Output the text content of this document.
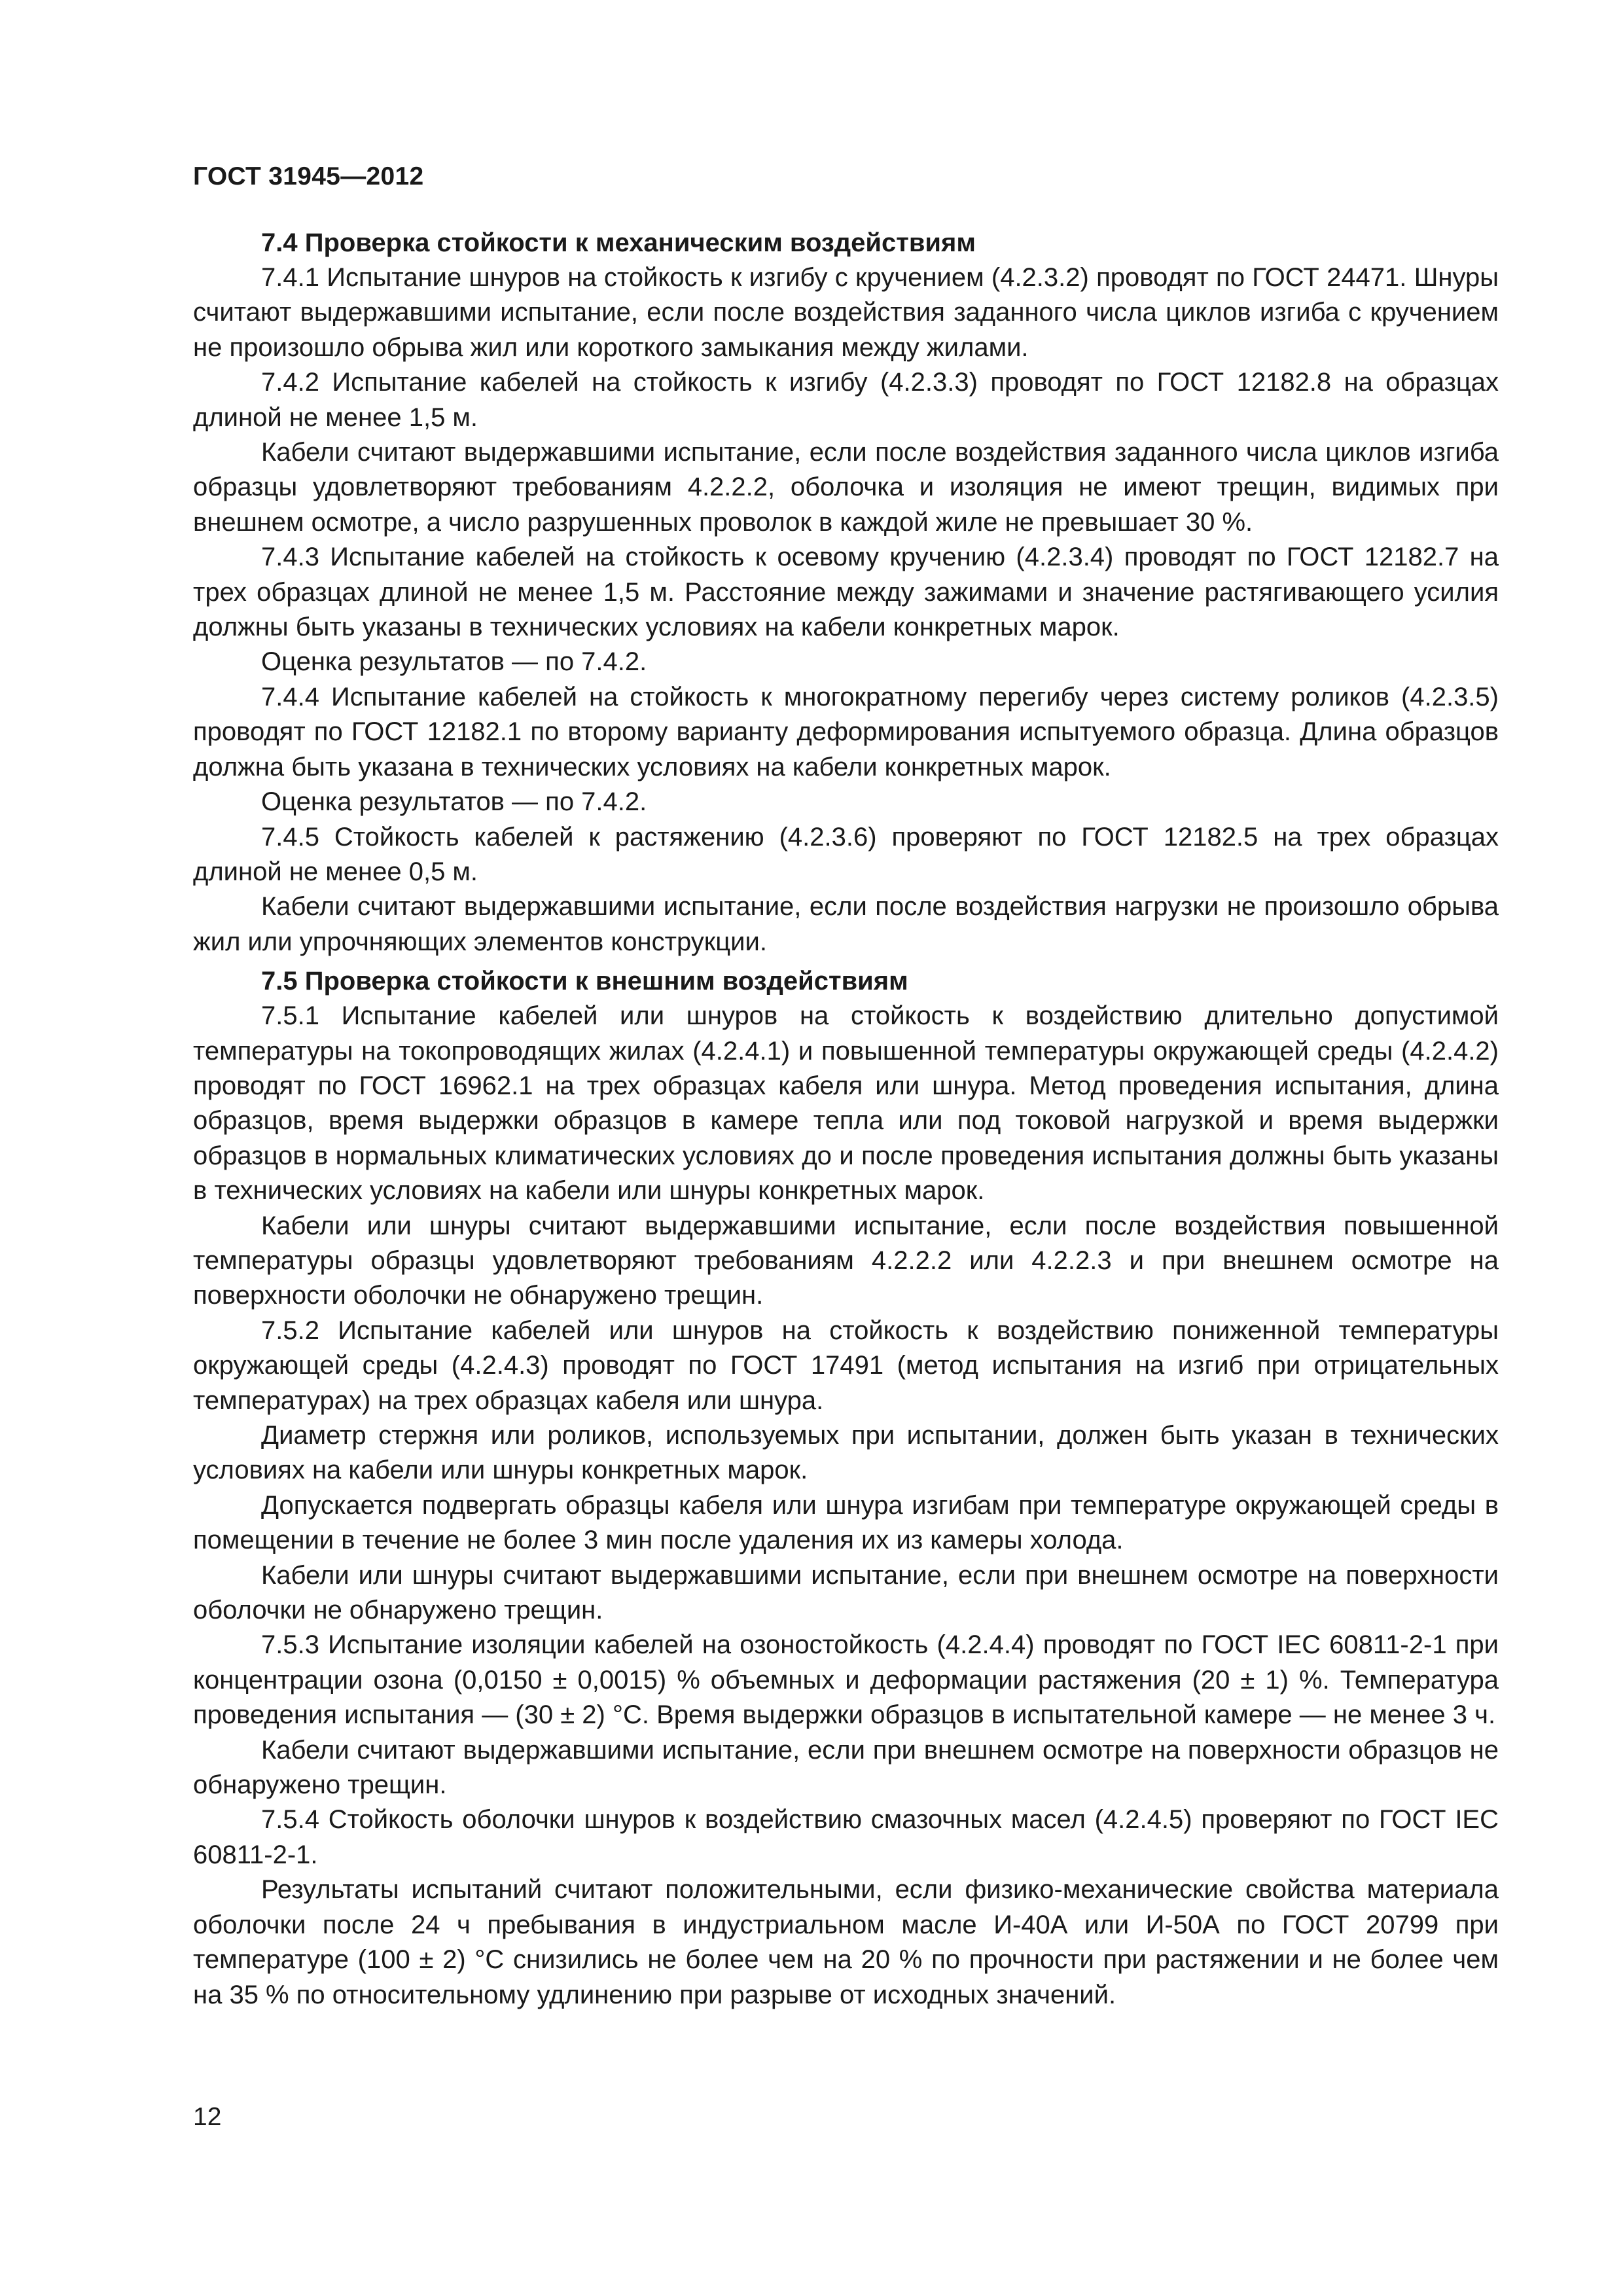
ГОСТ 31945—2012
7.4 Проверка стойкости к механическим воздействиям

7.4.1 Испытание шнуров на стойкость к изгибу с кручением (4.2.3.2) проводят по ГОСТ 24471. Шнуры считают выдержавшими испытание, если после воздействия заданного числа циклов изгиба с кручением не произошло обрыва жил или короткого замыкания между жилами.

7.4.2 Испытание кабелей на стойкость к изгибу (4.2.3.3) проводят по ГОСТ 12182.8 на образцах длиной не менее 1,5 м.

Кабели считают выдержавшими испытание, если после воздействия заданного числа циклов изгиба образцы удовлетворяют требованиям 4.2.2.2, оболочка и изоляция не имеют трещин, видимых при внешнем осмотре, а число разрушенных проволок в каждой жиле не превышает 30 %.

7.4.3 Испытание кабелей на стойкость к осевому кручению (4.2.3.4) проводят по ГОСТ 12182.7 на трех образцах длиной не менее 1,5 м. Расстояние между зажимами и значение растягивающего усилия должны быть указаны в технических условиях на кабели конкретных марок.

Оценка результатов — по 7.4.2.

7.4.4 Испытание кабелей на стойкость к многократному перегибу через систему роликов (4.2.3.5) проводят по ГОСТ 12182.1 по второму варианту деформирования испытуемого образца. Длина образцов должна быть указана в технических условиях на кабели конкретных марок.

Оценка результатов — по 7.4.2.

7.4.5 Стойкость кабелей к растяжению (4.2.3.6) проверяют по ГОСТ 12182.5 на трех образцах длиной не менее 0,5 м.

Кабели считают выдержавшими испытание, если после воздействия нагрузки не произошло обрыва жил или упрочняющих элементов конструкции.

7.5 Проверка стойкости к внешним воздействиям

7.5.1 Испытание кабелей или шнуров на стойкость к воздействию длительно допустимой температуры на токопроводящих жилах (4.2.4.1) и повышенной температуры окружающей среды (4.2.4.2) проводят по ГОСТ 16962.1 на трех образцах кабеля или шнура. Метод проведения испытания, длина образцов, время выдержки образцов в камере тепла или под токовой нагрузкой и время выдержки образцов в нормальных климатических условиях до и после проведения испытания должны быть указаны в технических условиях на кабели или шнуры конкретных марок.

Кабели или шнуры считают выдержавшими испытание, если после воздействия повышенной температуры образцы удовлетворяют требованиям 4.2.2.2 или 4.2.2.3 и при внешнем осмотре на поверхности оболочки не обнаружено трещин.

7.5.2 Испытание кабелей или шнуров на стойкость к воздействию пониженной температуры окружающей среды (4.2.4.3) проводят по ГОСТ 17491 (метод испытания на изгиб при отрицательных температурах) на трех образцах кабеля или шнура.

Диаметр стержня или роликов, используемых при испытании, должен быть указан в технических условиях на кабели или шнуры конкретных марок.

Допускается подвергать образцы кабеля или шнура изгибам при температуре окружающей среды в помещении в течение не более 3 мин после удаления их из камеры холода.

Кабели или шнуры считают выдержавшими испытание, если при внешнем осмотре на поверхности оболочки не обнаружено трещин.

7.5.3 Испытание изоляции кабелей на озоностойкость (4.2.4.4) проводят по ГОСТ IEC 60811-2-1 при концентрации озона (0,0150 ± 0,0015) % объемных и деформации растяжения (20 ± 1) %. Температура проведения испытания — (30 ± 2) °С. Время выдержки образцов в испытательной камере — не менее 3 ч.

Кабели считают выдержавшими испытание, если при внешнем осмотре на поверхности образцов не обнаружено трещин.

7.5.4 Стойкость оболочки шнуров к воздействию смазочных масел (4.2.4.5) проверяют по ГОСТ IEC 60811-2-1.

Результаты испытаний считают положительными, если физико-механические свойства материала оболочки после 24 ч пребывания в индустриальном масле И-40А или И-50А по ГОСТ 20799 при температуре (100 ± 2) °С снизились не более чем на 20 % по прочности при растяжении и не более чем на 35 % по относительному удлинению при разрыве от исходных значений.

12
